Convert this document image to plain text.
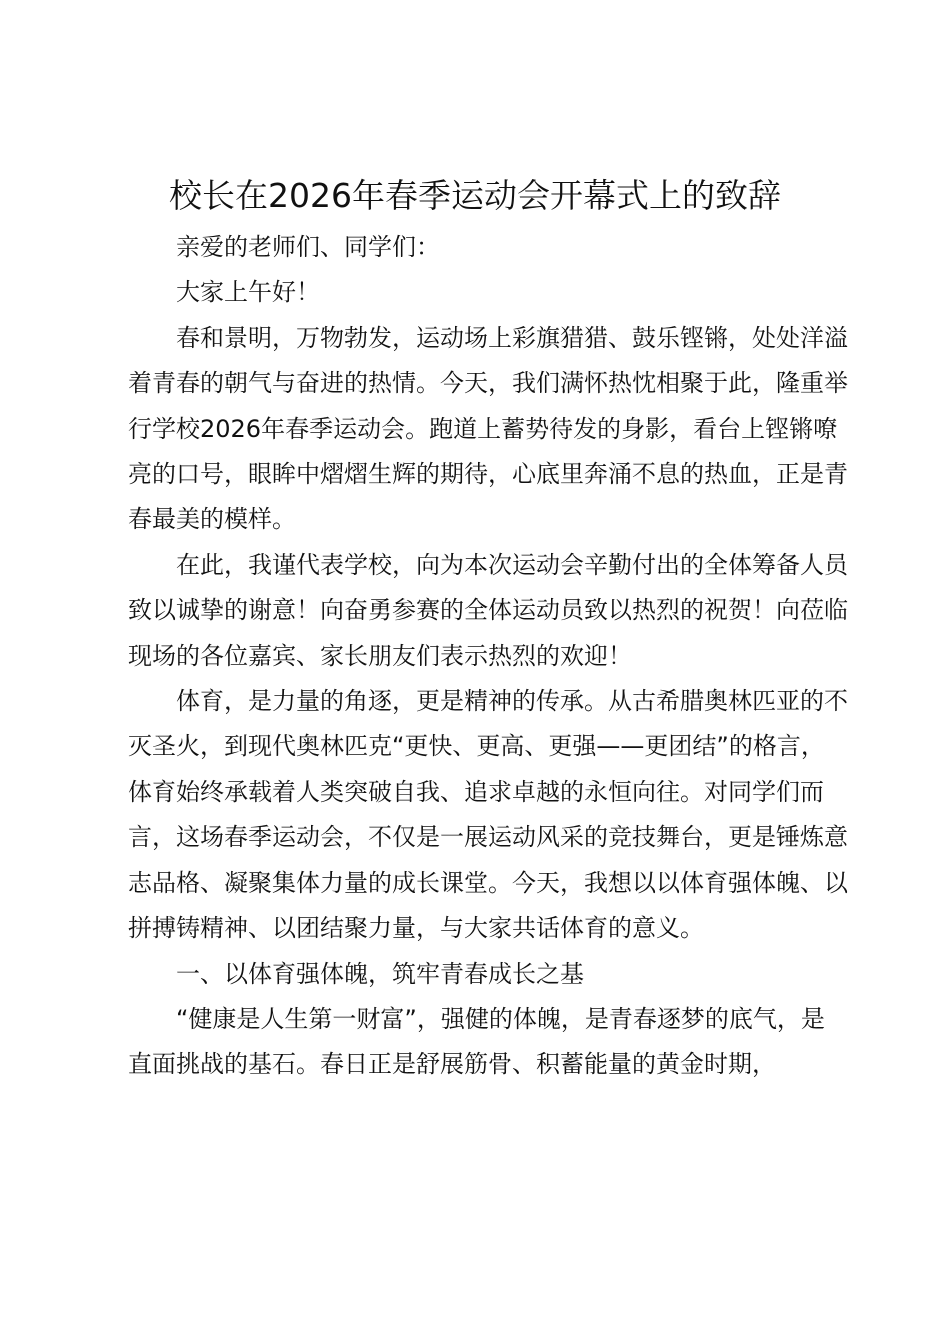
校长在2026年春季运动会开幕式上的致辞

亲爱的老师们、同学们：

大家上午好！

春和景明，万物勃发，运动场上彩旗猎猎、鼓乐铿锵，处处洋溢着青春的朝气与奋进的热情。今天，我们满怀热忱相聚于此，隆重举行学校2026年春季运动会。跑道上蓄势待发的身影，看台上铿锵嘹亮的口号，眼眸中熠熠生辉的期待，心底里奔涌不息的热血，正是青春最美的模样。

在此，我谨代表学校，向为本次运动会辛勤付出的全体筹备人员致以诚挚的谢意！向奋勇参赛的全体运动员致以热烈的祝贺！向莅临现场的各位嘉宾、家长朋友们表示热烈的欢迎！

体育，是力量的角逐，更是精神的传承。从古希腊奥林匹亚的不灭圣火，到现代奥林匹克“更快、更高、更强——更团结”的格言，体育始终承载着人类突破自我、追求卓越的永恒向往。对同学们而言，这场春季运动会，不仅是一展运动风采的竞技舞台，更是锤炼意志品格、凝聚集体力量的成长课堂。今天，我想以以体育强体魄、以拼搏铸精神、以团结聚力量，与大家共话体育的意义。

一、以体育强体魄，筑牢青春成长之基

“健康是人生第一财富”，强健的体魄，是青春逐梦的底气，是直面挑战的基石。春日正是舒展筋骨、积蓄能量的黄金时期，
